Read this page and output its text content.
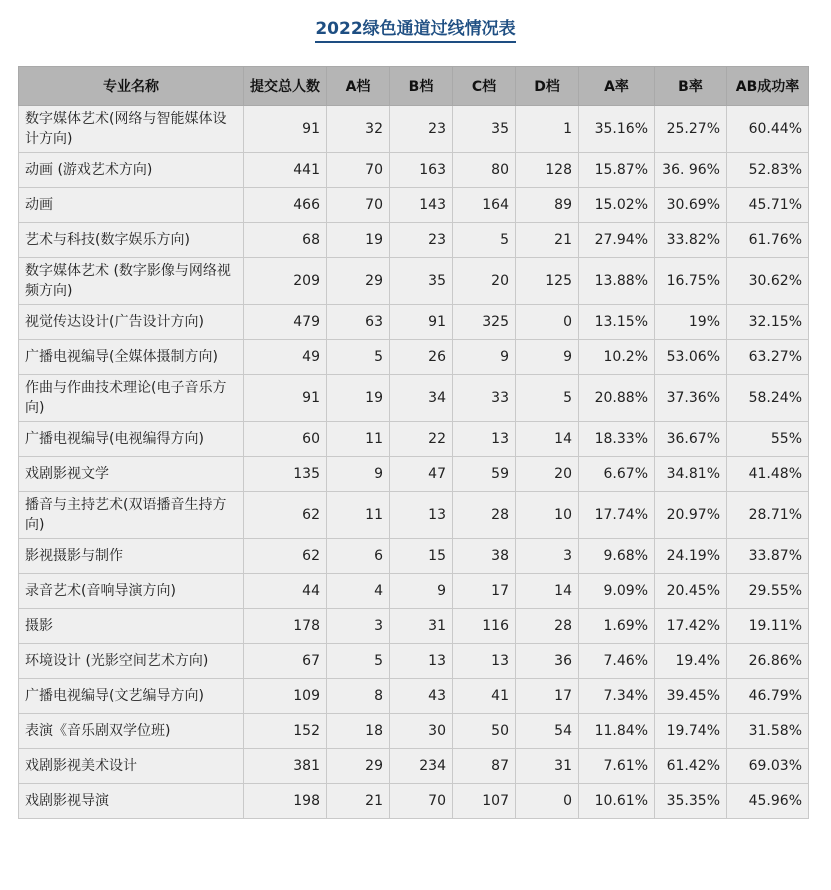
2022绿色通道过线情况表
专业名称	提交总人数	A档	B档	C档	D档	A率	B率	AB成功率
数字媒体艺术(网络与智能媒体设计方向)	91	32	23	35	1	35.16%	25.27%	60.44%
动画 (游戏艺术方向)	441	70	163	80	128	15.87%	36. 96%	52.83%
动画	466	70	143	164	89	15.02%	30.69%	45.71%
艺术与科技(数字娱乐方向)	68	19	23	5	21	27.94%	33.82%	61.76%
数字媒体艺术 (数字影像与网络视频方向)	209	29	35	20	125	13.88%	16.75%	30.62%
视觉传达设计(广告设计方向)	479	63	91	325	0	13.15%	19%	32.15%
广播电视编导(全媒体摄制方向)	49	5	26	9	9	10.2%	53.06%	63.27%
作曲与作曲技术理论(电子音乐方向)	91	19	34	33	5	20.88%	37.36%	58.24%
广播电视编导(电视编得方向)	60	11	22	13	14	18.33%	36.67%	55%
戏剧影视文学	135	9	47	59	20	6.67%	34.81%	41.48%
播音与主持艺术(双语播音生持方向)	62	11	13	28	10	17.74%	20.97%	28.71%
影视摄影与制作	62	6	15	38	3	9.68%	24.19%	33.87%
录音艺术(音响导演方向)	44	4	9	17	14	9.09%	20.45%	29.55%
摄影	178	3	31	116	28	1.69%	17.42%	19.11%
环境设计 (光影空间艺术方向)	67	5	13	13	36	7.46%	19.4%	26.86%
广播电视编导(文艺编导方向)	109	8	43	41	17	7.34%	39.45%	46.79%
表演《音乐剧双学位班)	152	18	30	50	54	11.84%	19.74%	31.58%
戏剧影视美术设计	381	29	234	87	31	7.61%	61.42%	69.03%
戏剧影视导演	198	21	70	107	0	10.61%	35.35%	45.96%
